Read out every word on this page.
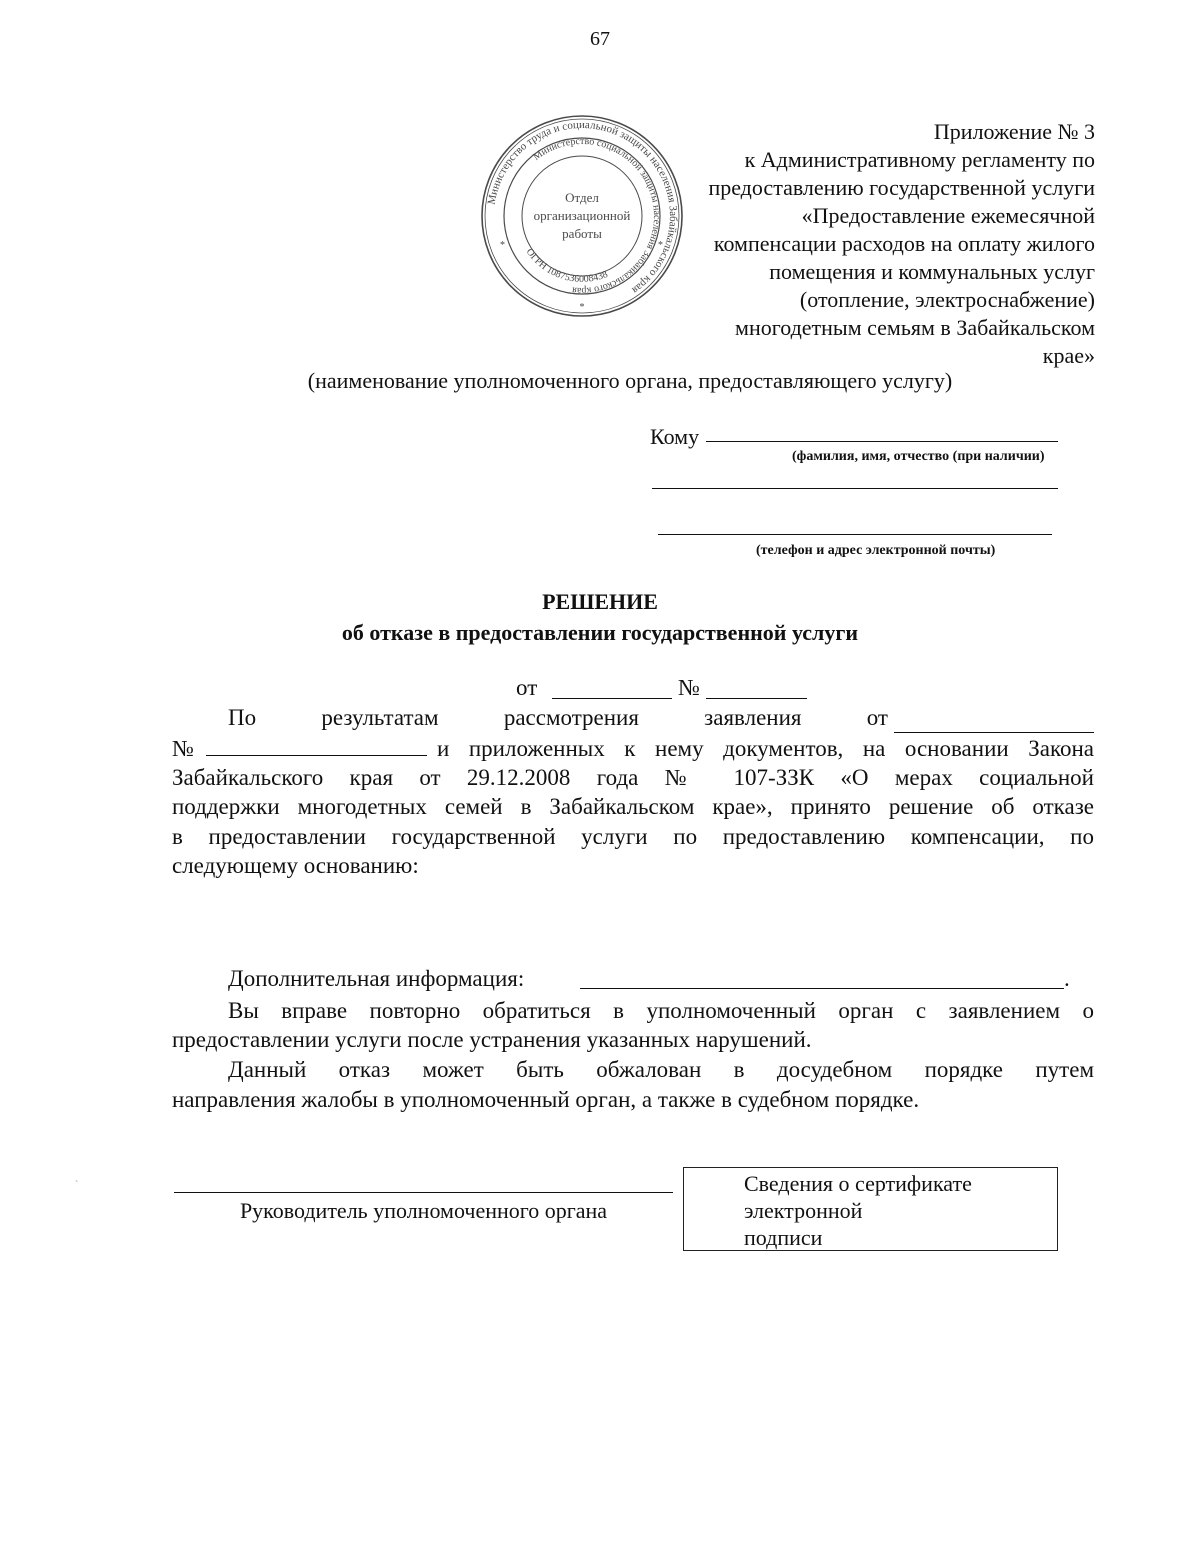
67
Приложение № 3
к Административному регламенту по
предоставлению государственной услуги
«Предоставление ежемесячной
компенсации расходов на оплату жилого
помещения и коммунальных услуг
(отопление, электроснабжение)
многодетным семьям в Забайкальском
крае»
Министерство труда и социальной защиты населения Забайкальского края
Министерство социальной защиты населения Забайкальского края
ОГРН 1087536008438
Отдел
организационной
работы
*	*
*
(наименование уполномоченного органа, предоставляющего услугу)
Кому
(фамилия, имя, отчество (при наличии)
(телефон и адрес электронной почты)
РЕШЕНИЕ
об отказе в предоставлении государственной услуги
от	№
По	результатам	рассмотрения	заявления	от
№	и приложенных к нему документов, на основании Закона
Забайкальского края от 29.12.2008 года № 107-ЗЗК «О мерах социальной
поддержки многодетных семей в Забайкальском крае», принято решение об отказе
в предоставлении государственной услуги по предоставлению компенсации, по
следующему основанию:
Дополнительная информация:	.
Вы вправе повторно обратиться в уполномоченный орган с заявлением о
предоставлении услуги после устранения указанных нарушений.
Данный отказ может быть обжалован в досудебном порядке путем
направления жалобы в уполномоченный орган, а также в судебном порядке.
Руководитель уполномоченного органа
Сведения о сертификате
электронной
подписи
`
